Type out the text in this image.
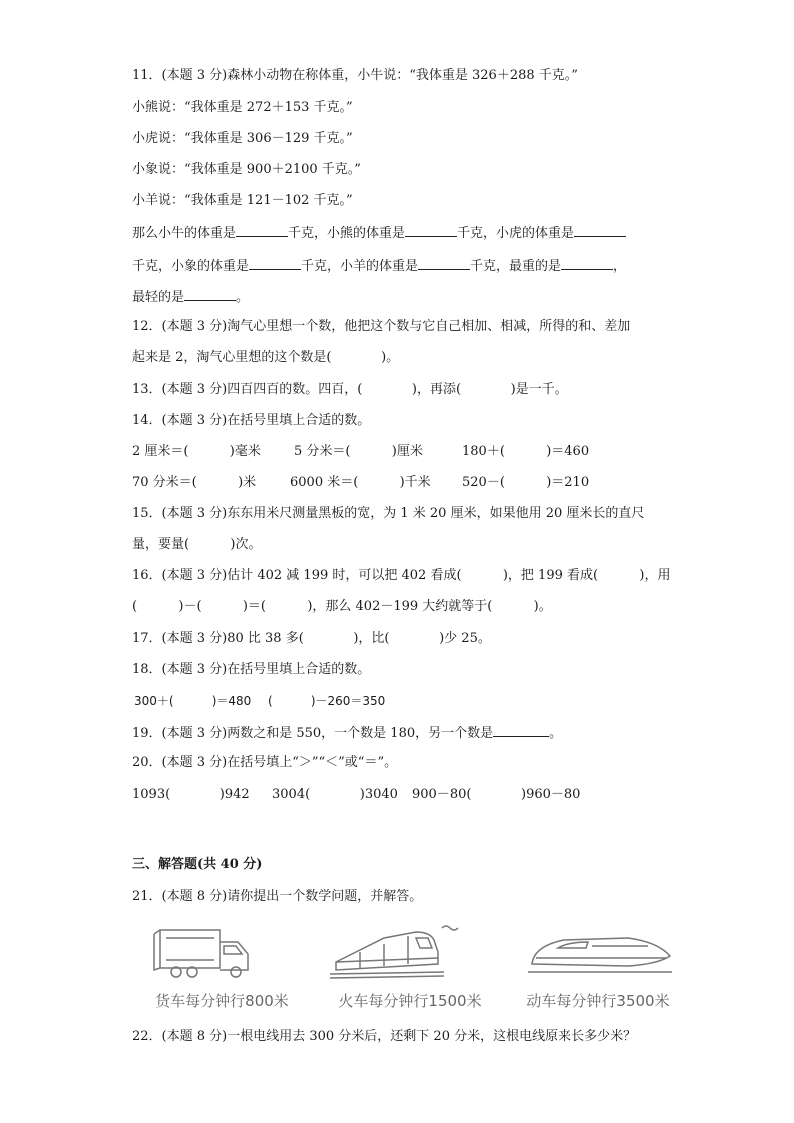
11．(本题 3 分)森林小动物在称体重，小牛说：“我体重是 326＋288 千克。”
小熊说：“我体重是 272＋153 千克。”
小虎说：“我体重是 306－129 千克。”
小象说：“我体重是 900＋2100 千克。”
小羊说：“我体重是 121－102 千克。”
那么小牛的体重是	千克，小熊的体重是	千克，小虎的体重是
千克，小象的体重是	千克，小羊的体重是	千克，最重的是	，
最轻的是	。
12．(本题 3 分)淘气心里想一个数，他把这个数与它自己相加、相减，所得的和、差加
起来是 2，淘气心里想的这个数是(            )。
13．(本题 3 分)四百四百的数。四百，(            )，再添(            )是一千。
14．(本题 3 分)在括号里填上合适的数。
2 厘米＝(          )毫米	5 分米＝(          )厘米	180＋(          )＝460
70 分米＝(          )米	6000 米＝(          )千米 520－(          )＝210
15．(本题 3 分)东东用米尺测量黑板的宽，为 1 米 20 厘米，如果他用 20 厘米长的直尺
量，要量(          )次。
16．(本题 3 分)估计 402 减 199 时，可以把 402 看成(          )，把 199 看成(          )，用
(          )－(          )＝(          )，那么 402－199 大约就等于(          )。
17．(本题 3 分)80 比 38 多(            )，比(            )少 25。
18．(本题 3 分)在括号里填上合适的数。
300＋(          )＝480 (          )－260＝350
19．(本题 3 分)两数之和是 550，一个数是 180，另一个数是	。
20．(本题 3 分)在括号填上“＞”“＜”或“＝”。
1093(            )942 3004(            )3040 900－80(            )960－80
三、解答题(共 40 分)
21．(本题 8 分)请你提出一个数学问题，并解答。
货车每分钟行800米	火车每分钟行1500米	动车每分钟行3500米
22．(本题 8 分)一根电线用去 300 分米后，还剩下 20 分米，这根电线原来长多少米？
